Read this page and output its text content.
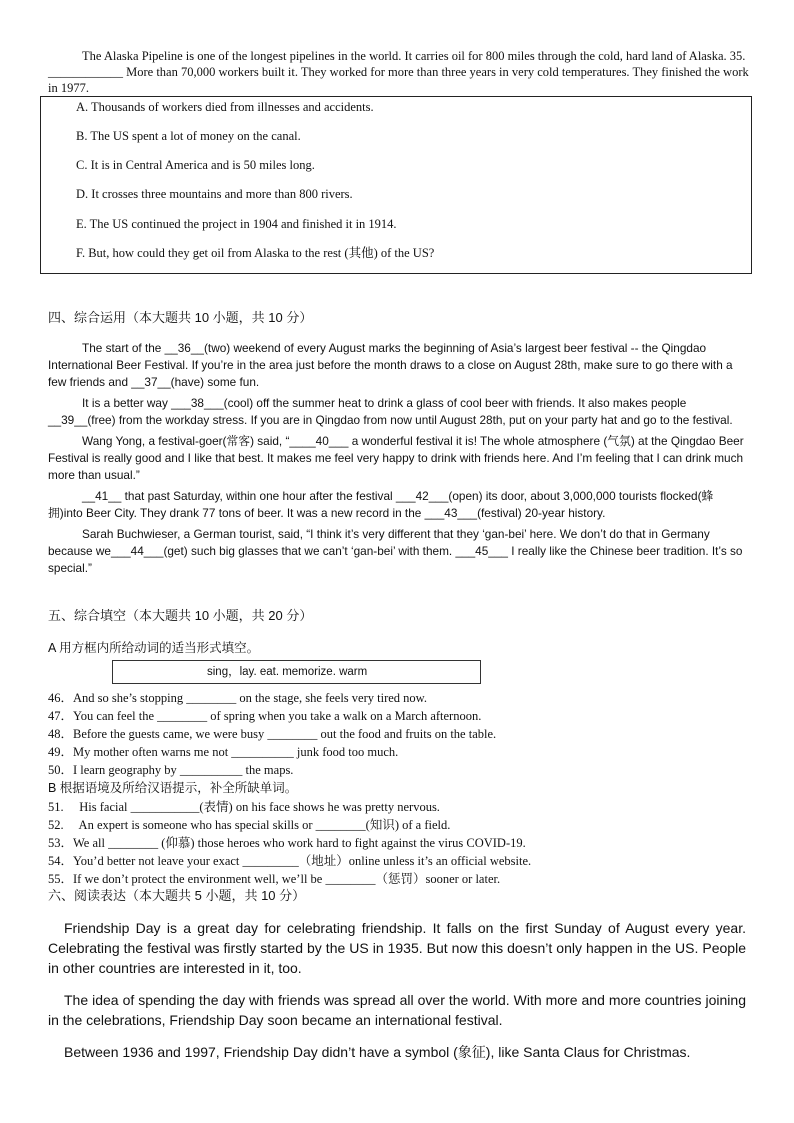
The Alaska Pipeline is one of the longest pipelines in the world. It carries oil for 800 miles through the cold, hard land of Alaska. 35. ____________ More than 70,000 workers built it. They worked for more than three years in very cold temperatures. They finished the work in 1977.
A. Thousands of workers died from illnesses and accidents.
B. The US spent a lot of money on the canal.
C. It is in Central America and is 50 miles long.
D. It crosses three mountains and more than 800 rivers.
E. The US continued the project in 1904 and finished it in 1914.
F. But, how could they get oil from Alaska to the rest (其他) of the US?
四、综合运用（本大题共 10 小题，共 10 分）

The start of the __36__(two) weekend of every August marks the beginning of Asia’s largest beer festival -- the Qingdao International Beer Festival. If you’re in the area just before the month draws to a close on August 28th, make sure to go there with a few friends and __37__(have) some fun.

It is a better way ___38___(cool) off the summer heat to drink a glass of cool beer with friends. It also makes people __39__(free) from the workday stress. If you are in Qingdao from now until August 28th, put on your party hat and go to the festival.

Wang Yong, a festival-goer(常客) said, “____40___ a wonderful festival it is! The whole atmosphere (气氛) at the Qingdao Beer Festival is really good and I like that best. It makes me feel very happy to drink with friends here. And I’m feeling that I can drink much more than usual.”

__41__ that past Saturday, within one hour after the festival ___42___(open) its door, about 3,000,000 tourists flocked(蜂拥)into Beer City. They drank 77 tons of beer. It was a new record in the ___43___(festival) 20-year history.

Sarah Buchwieser, a German tourist, said, “I think it’s very different that they ‘gan-bei’ here. We don’t do that in Germany because we___44___(get) such big glasses that we can’t ‘gan-bei’ with them. ___45___ I really like the Chinese beer tradition. It’s so special.”

五、综合填空（本大题共 10 小题，共 20 分）
A 用方框内所给动词的适当形式填空。
sing，lay. eat. memorize. warm
46．And so she’s stopping ________ on the stage, she feels very tired now.
47．You can feel the ________ of spring when you take a walk on a March afternoon.
48．Before the guests came, we were busy ________ out the food and fruits on the table.
49．My mother often warns me not __________ junk food too much.
50．I learn geography by __________ the maps.
B 根据语境及所给汉语提示，补全所缺单词。
51.     His facial ___________(表情) on his face shows he was pretty nervous.
52.     An expert is someone who has special skills or ________(知识) of a field.
53．We all ________ (仰慕) those heroes who work hard to fight against the virus COVID-19.
54．You’d better not leave your exact _________（地址）online unless it’s an official website.
55．If we don’t protect the environment well, we’ll be ________（惩罚）sooner or later.
六、阅读表达（本大题共 5 小题，共 10 分）

Friendship Day is a great day for celebrating friendship. It falls on the first Sunday of August every year. Celebrating the festival was firstly started by the US in 1935. But now this doesn’t only happen in the US. People in other countries are interested in it, too.

The idea of spending the day with friends was spread all over the world. With more and more countries joining in the celebrations, Friendship Day soon became an international festival.

Between 1936 and 1997, Friendship Day didn’t have a symbol (象征), like Santa Claus for Christmas.
